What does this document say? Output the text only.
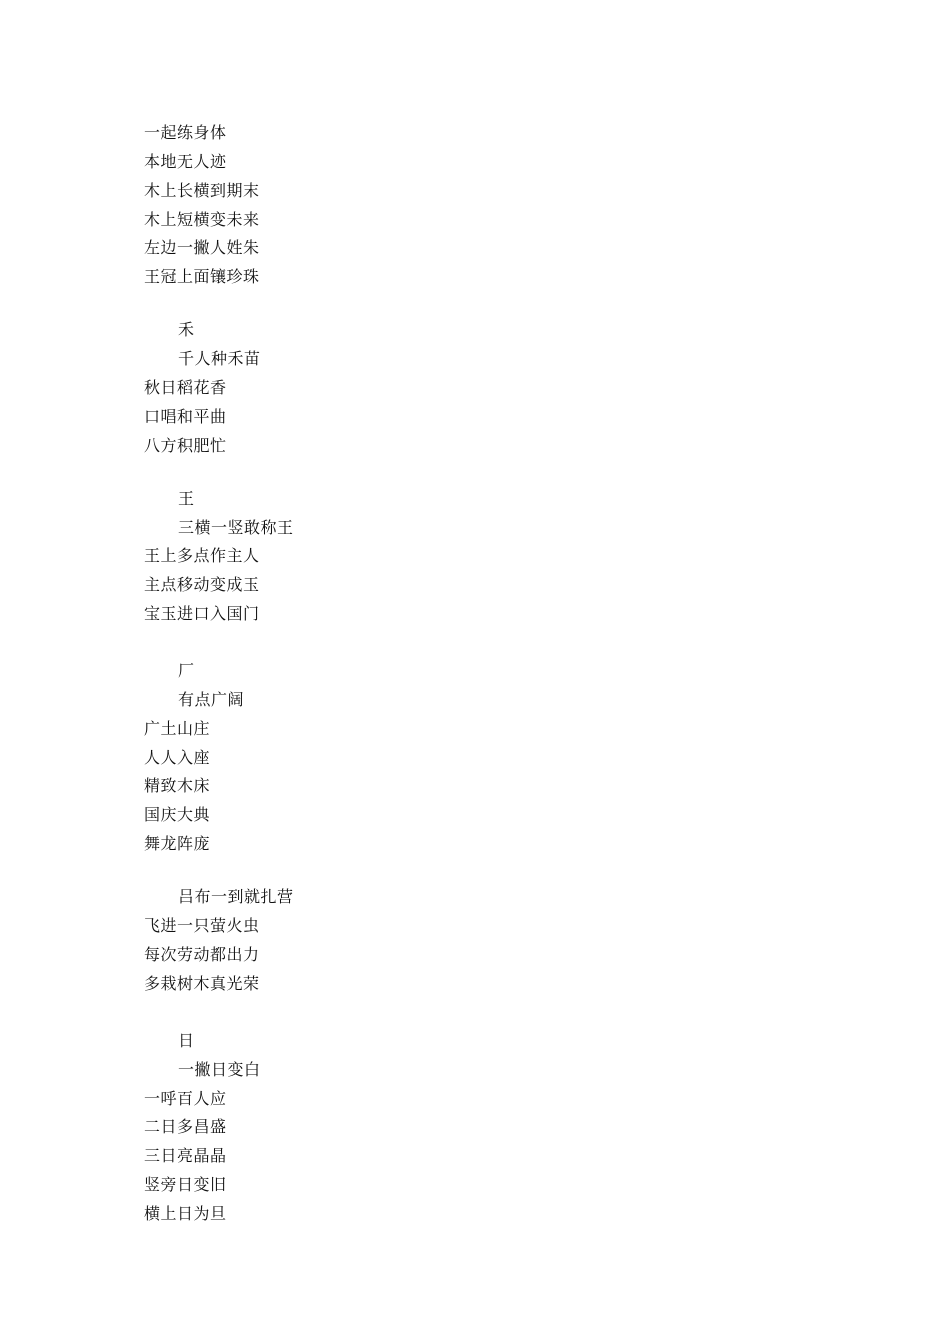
一起练身体
本地无人迹
木上长横到期末
木上短横变未来
左边一撇人姓朱
王冠上面镶珍珠
禾
千人种禾苗
秋日稻花香
口唱和平曲
八方积肥忙
王
三横一竖敢称王
王上多点作主人
主点移动变成玉
宝玉进口入国门
厂
有点广阔
广土山庄
人人入座
精致木床
国庆大典
舞龙阵庞
吕布一到就扎营
飞进一只萤火虫
每次劳动都出力
多栽树木真光荣
日
一撇日变白
一呼百人应
二日多昌盛
三日亮晶晶
竖旁日变旧
横上日为旦
